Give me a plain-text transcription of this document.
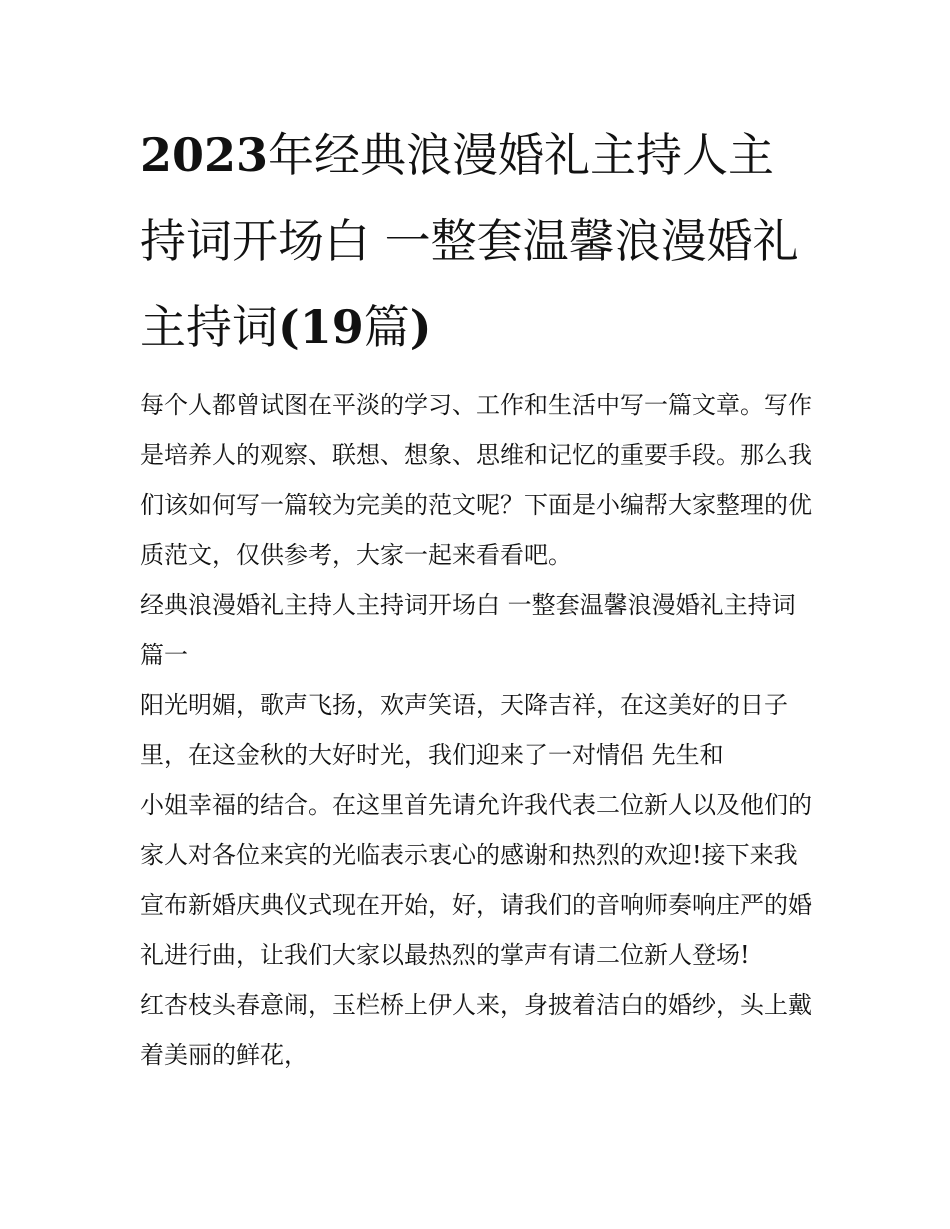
2023年经典浪漫婚礼主持人主持词开场白 一整套温馨浪漫婚礼主持词(19篇)

每个人都曾试图在平淡的学习、工作和生活中写一篇文章。写作是培养人的观察、联想、想象、思维和记忆的重要手段。那么我们该如何写一篇较为完美的范文呢？下面是小编帮大家整理的优质范文，仅供参考，大家一起来看看吧。

经典浪漫婚礼主持人主持词开场白 一整套温馨浪漫婚礼主持词篇一

阳光明媚，歌声飞扬，欢声笑语，天降吉祥，在这美好的日子里，在这金秋的大好时光，我们迎来了一对情侣 先生和

小姐幸福的结合。在这里首先请允许我代表二位新人以及他们的家人对各位来宾的光临表示衷心的感谢和热烈的欢迎!接下来我宣布新婚庆典仪式现在开始，好，请我们的音响师奏响庄严的婚礼进行曲，让我们大家以最热烈的掌声有请二位新人登场!

红杏枝头春意闹，玉栏桥上伊人来，身披着洁白的婚纱，头上戴着美丽的鲜花，
